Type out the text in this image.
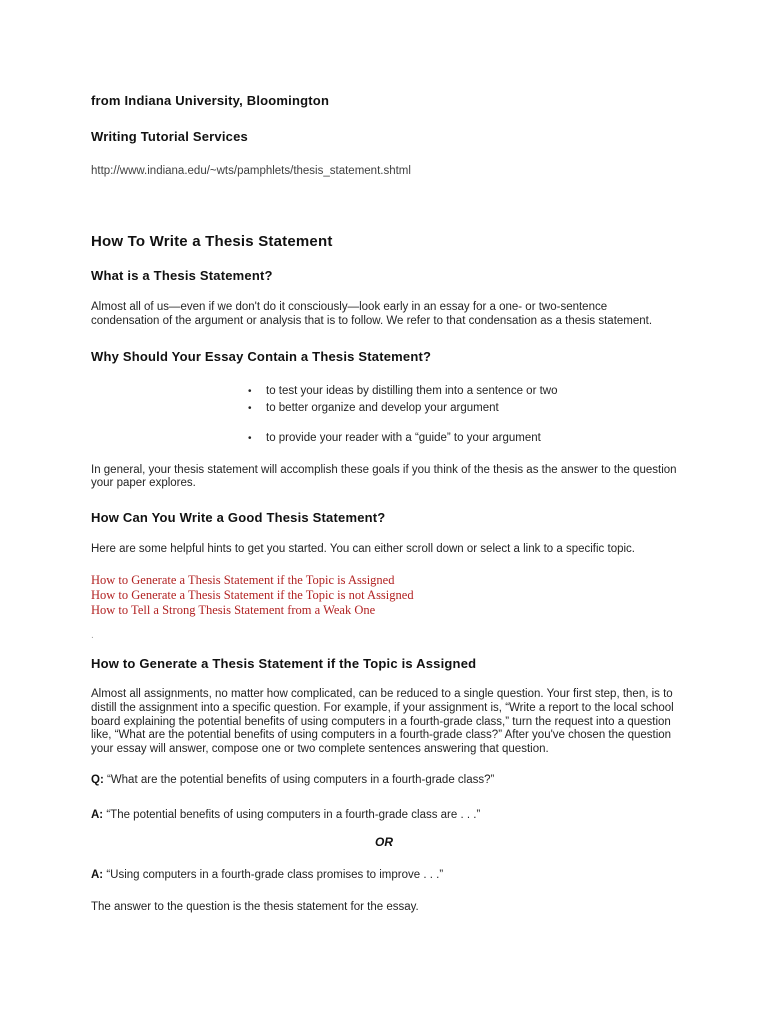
from Indiana University, Bloomington

Writing Tutorial Services

http://www.indiana.edu/~wts/pamphlets/thesis_statement.shtml

How To Write a Thesis Statement

What is a Thesis Statement?

Almost all of us—even if we don't do it consciously—look early in an essay for a one- or two-sentence condensation of the argument or analysis that is to follow. We refer to that condensation as a thesis statement.

Why Should Your Essay Contain a Thesis Statement?

•	to test your ideas by distilling them into a sentence or two
•	to better organize and develop your argument
•	to provide your reader with a “guide” to your argument

In general, your thesis statement will accomplish these goals if you think of the thesis as the answer to the question your paper explores.

How Can You Write a Good Thesis Statement?

Here are some helpful hints to get you started. You can either scroll down or select a link to a specific topic.

How to Generate a Thesis Statement if the Topic is Assigned
How to Generate a Thesis Statement if the Topic is not Assigned
How to Tell a Strong Thesis Statement from a Weak One

.

How to Generate a Thesis Statement if the Topic is Assigned

Almost all assignments, no matter how complicated, can be reduced to a single question. Your first step, then, is to distill the assignment into a specific question. For example, if your assignment is, “Write a report to the local school board explaining the potential benefits of using computers in a fourth-grade class,” turn the request into a question like, “What are the potential benefits of using computers in a fourth-grade class?” After you've chosen the question your essay will answer, compose one or two complete sentences answering that question.

Q: “What are the potential benefits of using computers in a fourth-grade class?”

A: “The potential benefits of using computers in a fourth-grade class are . . .”

OR

A: “Using computers in a fourth-grade class promises to improve . . .”

The answer to the question is the thesis statement for the essay.
